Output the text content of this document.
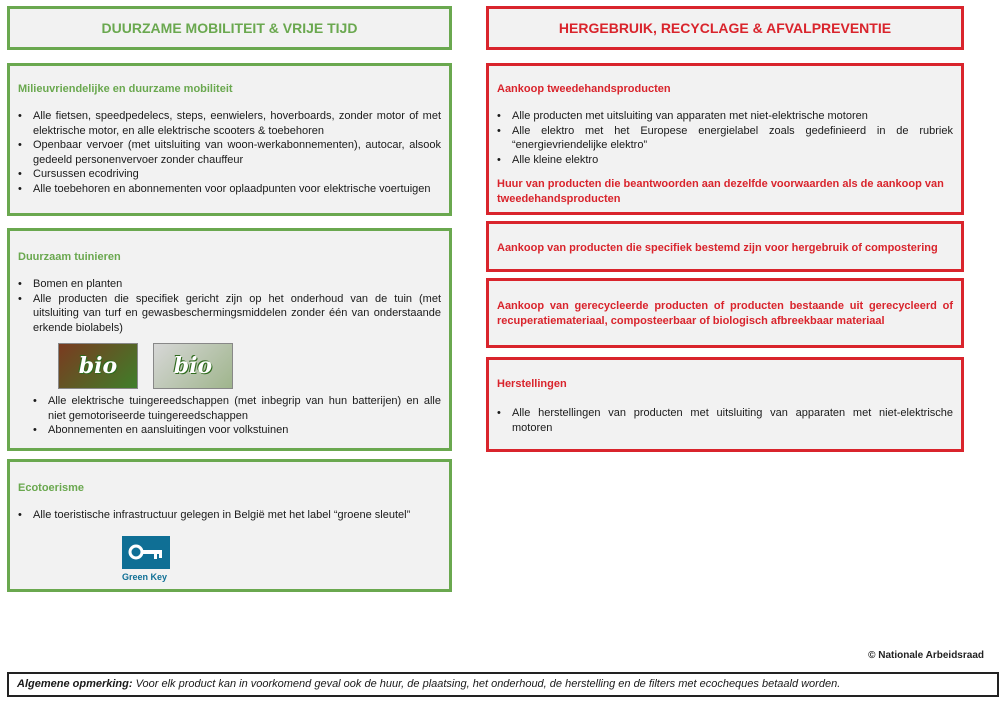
DUURZAME MOBILITEIT & VRIJE TIJD
Milieuvriendelijke en duurzame mobiliteit
• Alle fietsen, speedpedelecs, steps, eenwielers, hoverboards, zonder motor of met elektrische motor, en alle elektrische scooters & toebehoren
• Openbaar vervoer (met uitsluiting van woon-werkabonnementen), autocar, alsook gedeeld personenvervoer zonder chauffeur
• Cursussen ecodriving
• Alle toebehoren en abonnementen voor oplaadpunten voor elektrische voertuigen
Duurzaam tuinieren
• Bomen en planten
• Alle producten die specifiek gericht zijn op het onderhoud van de tuin (met uitsluiting van turf en gewasbeschermingsmiddelen zonder één van onderstaande erkende biolabels)
bio	bio
• Alle elektrische tuingereedschappen (met inbegrip van hun batterijen) en alle niet gemotoriseerde tuingereedschappen
• Abonnementen en aansluitingen voor volkstuinen
Ecotoerisme
• Alle toeristische infrastructuur gelegen in België met het label “groene sleutel”
Green Key
HERGEBRUIK, RECYCLAGE & AFVALPREVENTIE
Aankoop tweedehandsproducten
• Alle producten met uitsluiting van apparaten met niet-elektrische motoren
• Alle elektro met het Europese energielabel zoals gedefinieerd in de rubriek “energievriendelijke elektro”
• Alle kleine elektro
Huur van producten die beantwoorden aan dezelfde voorwaarden als de aankoop van tweedehandsproducten
Aankoop van producten die specifiek bestemd zijn voor hergebruik of compostering
Aankoop van gerecycleerde producten of producten bestaande uit gerecycleerd of recuperatiemateriaal, composteerbaar of biologisch afbreekbaar materiaal
Herstellingen
• Alle herstellingen van producten met uitsluiting van apparaten met niet-elektrische motoren
© Nationale Arbeidsraad
Algemene opmerking: Voor elk product kan in voorkomend geval ook de huur, de plaatsing, het onderhoud, de herstelling en de filters met ecocheques betaald worden.
